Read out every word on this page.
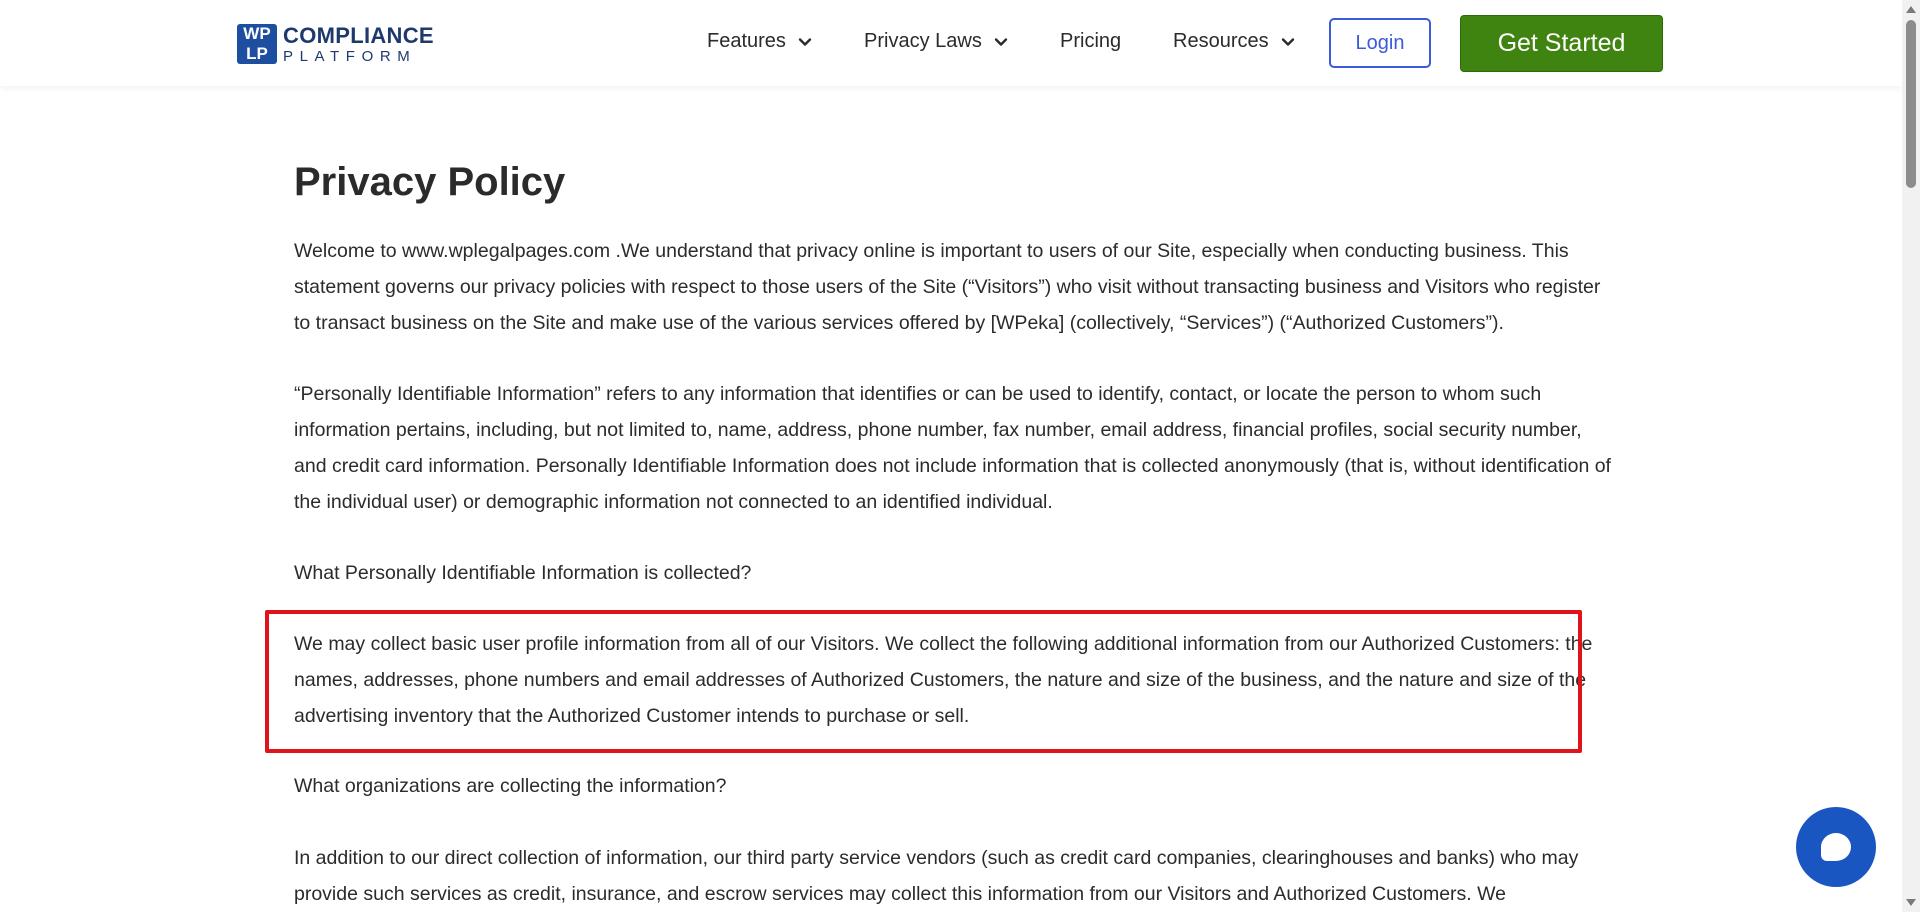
WP
LP
COMPLIANCE
PLATFORM
Features	Privacy Laws	Pricing	Resources	Login	Get Started
Privacy Policy

Welcome to www.wplegalpages.com .We understand that privacy online is important to users of our Site, especially when conducting business. This statement governs our privacy policies with respect to those users of the Site (“Visitors”) who visit without transacting business and Visitors who register to transact business on the Site and make use of the various services offered by [WPeka] (collectively, “Services”) (“Authorized Customers”).

“Personally Identifiable Information” refers to any information that identifies or can be used to identify, contact, or locate the person to whom such information pertains, including, but not limited to, name, address, phone number, fax number, email address, financial profiles, social security number, and credit card information. Personally Identifiable Information does not include information that is collected anonymously (that is, without identification of the individual user) or demographic information not connected to an identified individual.

What Personally Identifiable Information is collected?

We may collect basic user profile information from all of our Visitors. We collect the following additional information from our Authorized Customers: the names, addresses, phone numbers and email addresses of Authorized Customers, the nature and size of the business, and the nature and size of the advertising inventory that the Authorized Customer intends to purchase or sell.

What organizations are collecting the information?

In addition to our direct collection of information, our third party service vendors (such as credit card companies, clearinghouses and banks) who may provide such services as credit, insurance, and escrow services may collect this information from our Visitors and Authorized Customers. We
